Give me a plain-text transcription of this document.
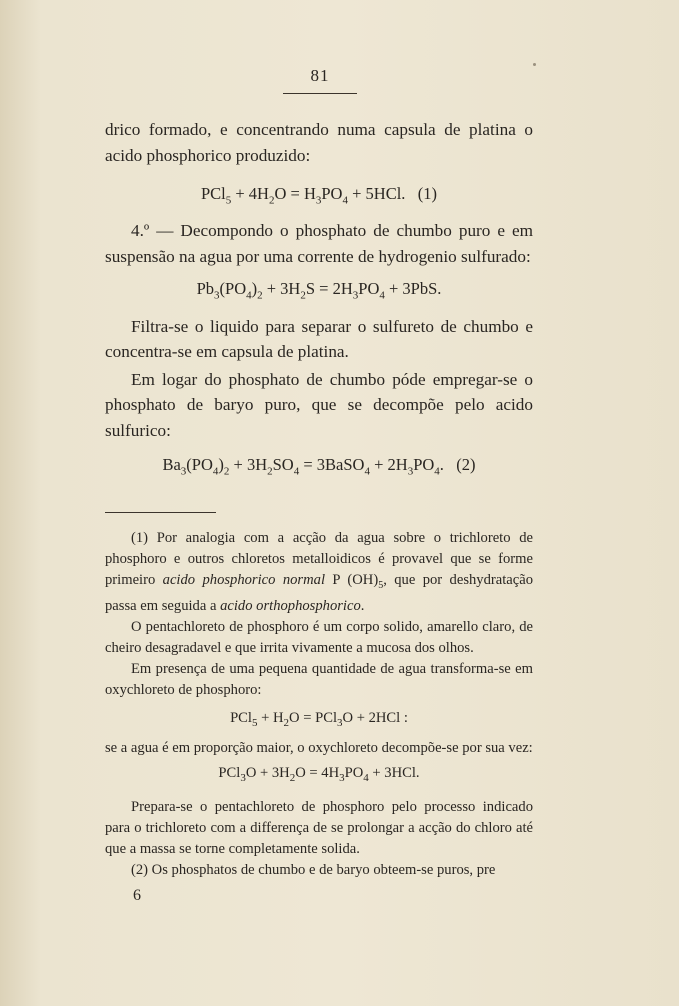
81

drico formado, e concentrando numa capsula de platina o acido phosphorico produzido:

$PCl_5 + 4H_2O = H_3PO_4 + 5HCl$.   (1)

4.º — Decompondo o phosphato de chumbo puro e em suspensão na agua por uma corrente de hydrogenio sulfurado:

$Pb_3(PO_4)_2 + 3H_2S = 2H_3PO_4 + 3PbS$.

Filtra-se o liquido para separar o sulfureto de chumbo e concentra-se em capsula de platina.

Em logar do phosphato de chumbo póde empregar-se o phosphato de baryo puro, que se decompõe pelo acido sulfurico:

$Ba_3(PO_4)_2 + 3H_2SO_4$ = 3BaSO$_4$ + $2H_3PO_4$.   (2)

(1) Por analogia com a acção da agua sobre o trichloreto de phosphoro e outros chloretos metalloidicos é provavel que se forme primeiro acido phosphorico normal P $(OH)_5$, que por deshydratação passa em seguida a acido orthophosphorico.

O pentachloreto de phosphoro é um corpo solido, amarello claro, de cheiro desagradavel e que irrita vivamente a mucosa dos olhos.

Em presença de uma pequena quantidade de agua transforma-se em oxychloreto de phosphoro:

$PCl_5 + H_2O = PCl_3O + 2HCl$ :

se a agua é em proporção maior, o oxychloreto decompõe-se por sua vez:

$PCl_3O + 3H_2O = 4H_3PO_4 + 3HCl$.

Prepara-se o pentachloreto de phosphoro pelo processo indicado para o trichloreto com a differença de se prolongar a acção do chloro até que a massa se torne completamente solida.

(2) Os phosphatos de chumbo e de baryo obteem-se puros, pre

6
